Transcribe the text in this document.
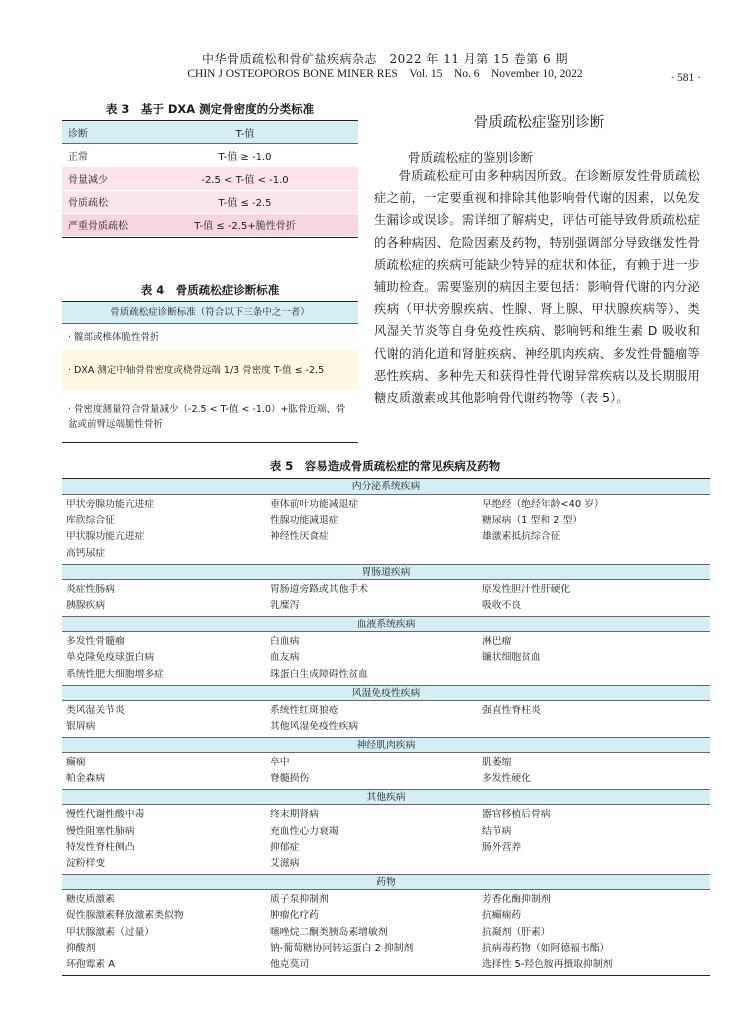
中华骨质疏松和骨矿盐疾病杂志　2022 年 11 月第 15 卷第 6 期
CHIN J OSTEOPOROS BONE MINER RES　Vol. 15　No. 6　November 10, 2022	· 581 ·
表 3　基于 DXA 测定骨密度的分类标准
诊断	T-值
正常	T-值 ≥ -1.0
骨量减少	-2.5 < T-值 < -1.0
骨质疏松	T-值 ≤ -2.5
严重骨质疏松	T-值 ≤ -2.5+脆性骨折
表 4　骨质疏松症诊断标准
骨质疏松症诊断标准（符合以下三条中之一者）
· 髋部或椎体脆性骨折
· DXA 测定中轴骨骨密度或桡骨远端 1/3 骨密度 T-值 ≤ -2.5
· 骨密度测量符合骨量减少（-2.5 < T-值 < -1.0）+肱骨近端、骨盆或前臂远端脆性骨折
骨质疏松症鉴别诊断
骨质疏松症的鉴别诊断
骨质疏松症可由多种病因所致。在诊断原发性骨质疏松症之前，一定要重视和排除其他影响骨代谢的因素，以免发生漏诊或误诊。需详细了解病史，评估可能导致骨质疏松症的各种病因、危险因素及药物，特别强调部分导致继发性骨质疏松症的疾病可能缺少特异的症状和体征，有赖于进一步辅助检查。需要鉴别的病因主要包括：影响骨代谢的内分泌疾病（甲状旁腺疾病、性腺、肾上腺、甲状腺疾病等）、类风湿关节炎等自身免疫性疾病、影响钙和维生素 D 吸收和代谢的消化道和肾脏疾病、神经肌肉疾病、多发性骨髓瘤等恶性疾病、多种先天和获得性骨代谢异常疾病以及长期服用糖皮质激素或其他影响骨代谢药物等（表 5）。
表 5　容易造成骨质疏松症的常见疾病及药物
内分泌系统疾病
甲状旁腺功能亢进症	垂体前叶功能减退症	早绝经（绝经年龄<40 岁）
库欣综合征	性腺功能减退症	糖尿病（1 型和 2 型）
甲状腺功能亢进症	神经性厌食症	雄激素抵抗综合征
高钙尿症
胃肠道疾病
炎症性肠病	胃肠道旁路或其他手术	原发性胆汁性肝硬化
胰腺疾病	乳糜泻	吸收不良
血液系统疾病
多发性骨髓瘤	白血病	淋巴瘤
单克隆免疫球蛋白病	血友病	镰状细胞贫血
系统性肥大细胞增多症	珠蛋白生成障碍性贫血
风湿免疫性疾病
类风湿关节炎	系统性红斑狼疮	强直性脊柱炎
银屑病	其他风湿免疫性疾病
神经肌肉疾病
癫痫	卒中	肌萎缩
帕金森病	脊髓损伤	多发性硬化
其他疾病
慢性代谢性酸中毒	终末期肾病	器官移植后骨病
慢性阻塞性肺病	充血性心力衰竭	结节病
特发性脊柱侧凸	抑郁症	肠外营养
淀粉样变	艾滋病
药物
糖皮质激素	质子泵抑制剂	芳香化酶抑制剂
促性腺激素释放激素类似物	肿瘤化疗药	抗癫痫药
甲状腺激素（过量）	噻唑烷二酮类胰岛素增敏剂	抗凝剂（肝素）
抑酸剂	钠-葡萄糖协同转运蛋白 2 抑制剂	抗病毒药物（如阿德福韦酯）
环孢霉素 A	他克莫司	选择性 5-羟色胺再摄取抑制剂
